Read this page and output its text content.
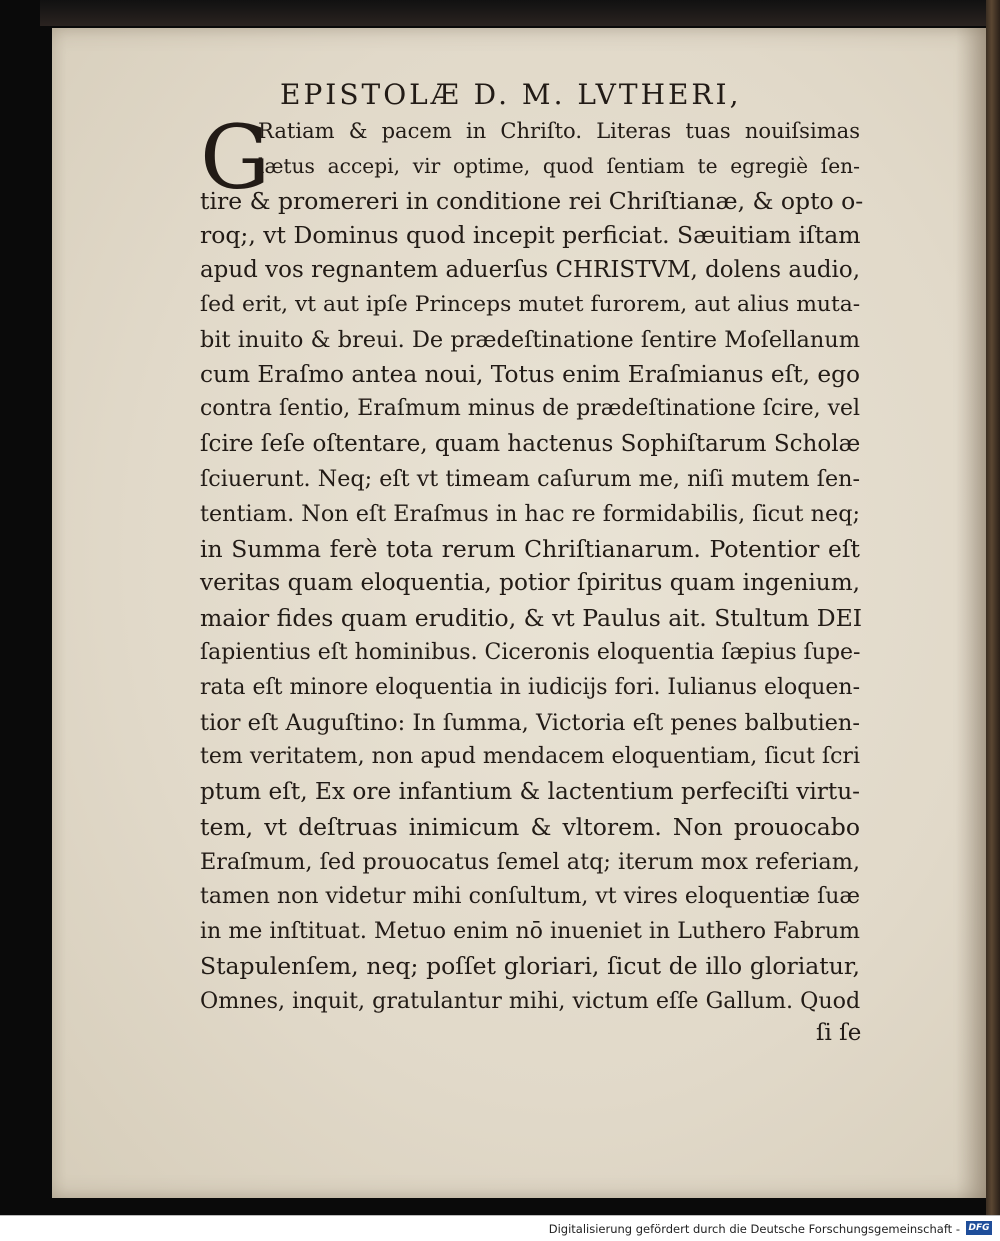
EPISTOLÆ D. M. LVTHERI,
G
Ratiam & pacem in Chriſto. Literas tuas nouiſsimas
lætus accepi, vir optime, quod ſentiam te egregiè ſen-
tire & promereri in conditione rei Chriſtianæ, & opto o-
roq;, vt Dominus quod incepit perficiat. Sæuitiam iſtam
apud vos regnantem aduerſus CHRISTVM, dolens audio,
ſed erit, vt aut ipſe Princeps mutet furorem, aut alius muta-
bit inuito & breui. De prædeſtinatione ſentire Moſellanum
cum Eraſmo antea noui, Totus enim Eraſmianus eſt, ego
contra ſentio, Eraſmum minus de prædeſtinatione ſcire, vel
ſcire ſeſe oſtentare, quam hactenus Sophiſtarum Scholæ
ſciuerunt. Neq; eſt vt timeam caſurum me, niſi mutem ſen-
tentiam. Non eſt Eraſmus in hac re formidabilis, ſicut neq;
in Summa ferè tota rerum Chriſtianarum. Potentior eſt
veritas quam eloquentia, potior ſpiritus quam ingenium,
maior fides quam eruditio, & vt Paulus ait. Stultum DEI
ſapientius eſt hominibus. Ciceronis eloquentia ſæpius ſupe-
rata eſt minore eloquentia in iudicijs fori. Iulianus eloquen-
tior eſt Auguſtino: In ſumma, Victoria eſt penes balbutien-
tem veritatem, non apud mendacem eloquentiam, ſicut ſcri
ptum eſt, Ex ore infantium & lactentium perfeciſti virtu-
tem, vt deſtruas inimicum & vltorem. Non prouocabo
Eraſmum, ſed prouocatus ſemel atq; iterum mox referiam,
tamen non videtur mihi conſultum, vt vires eloquentiæ ſuæ
in me inſtituat. Metuo enim nō inueniet in Luthero Fabrum
Stapulenſem, neq; poſſet gloriari, ſicut de illo gloriatur,
Omnes, inquit, gratulantur mihi, victum eſſe Gallum. Quod
ſi ſe
Digitalisierung gefördert durch die Deutsche Forschungsgemeinschaft - DFG
